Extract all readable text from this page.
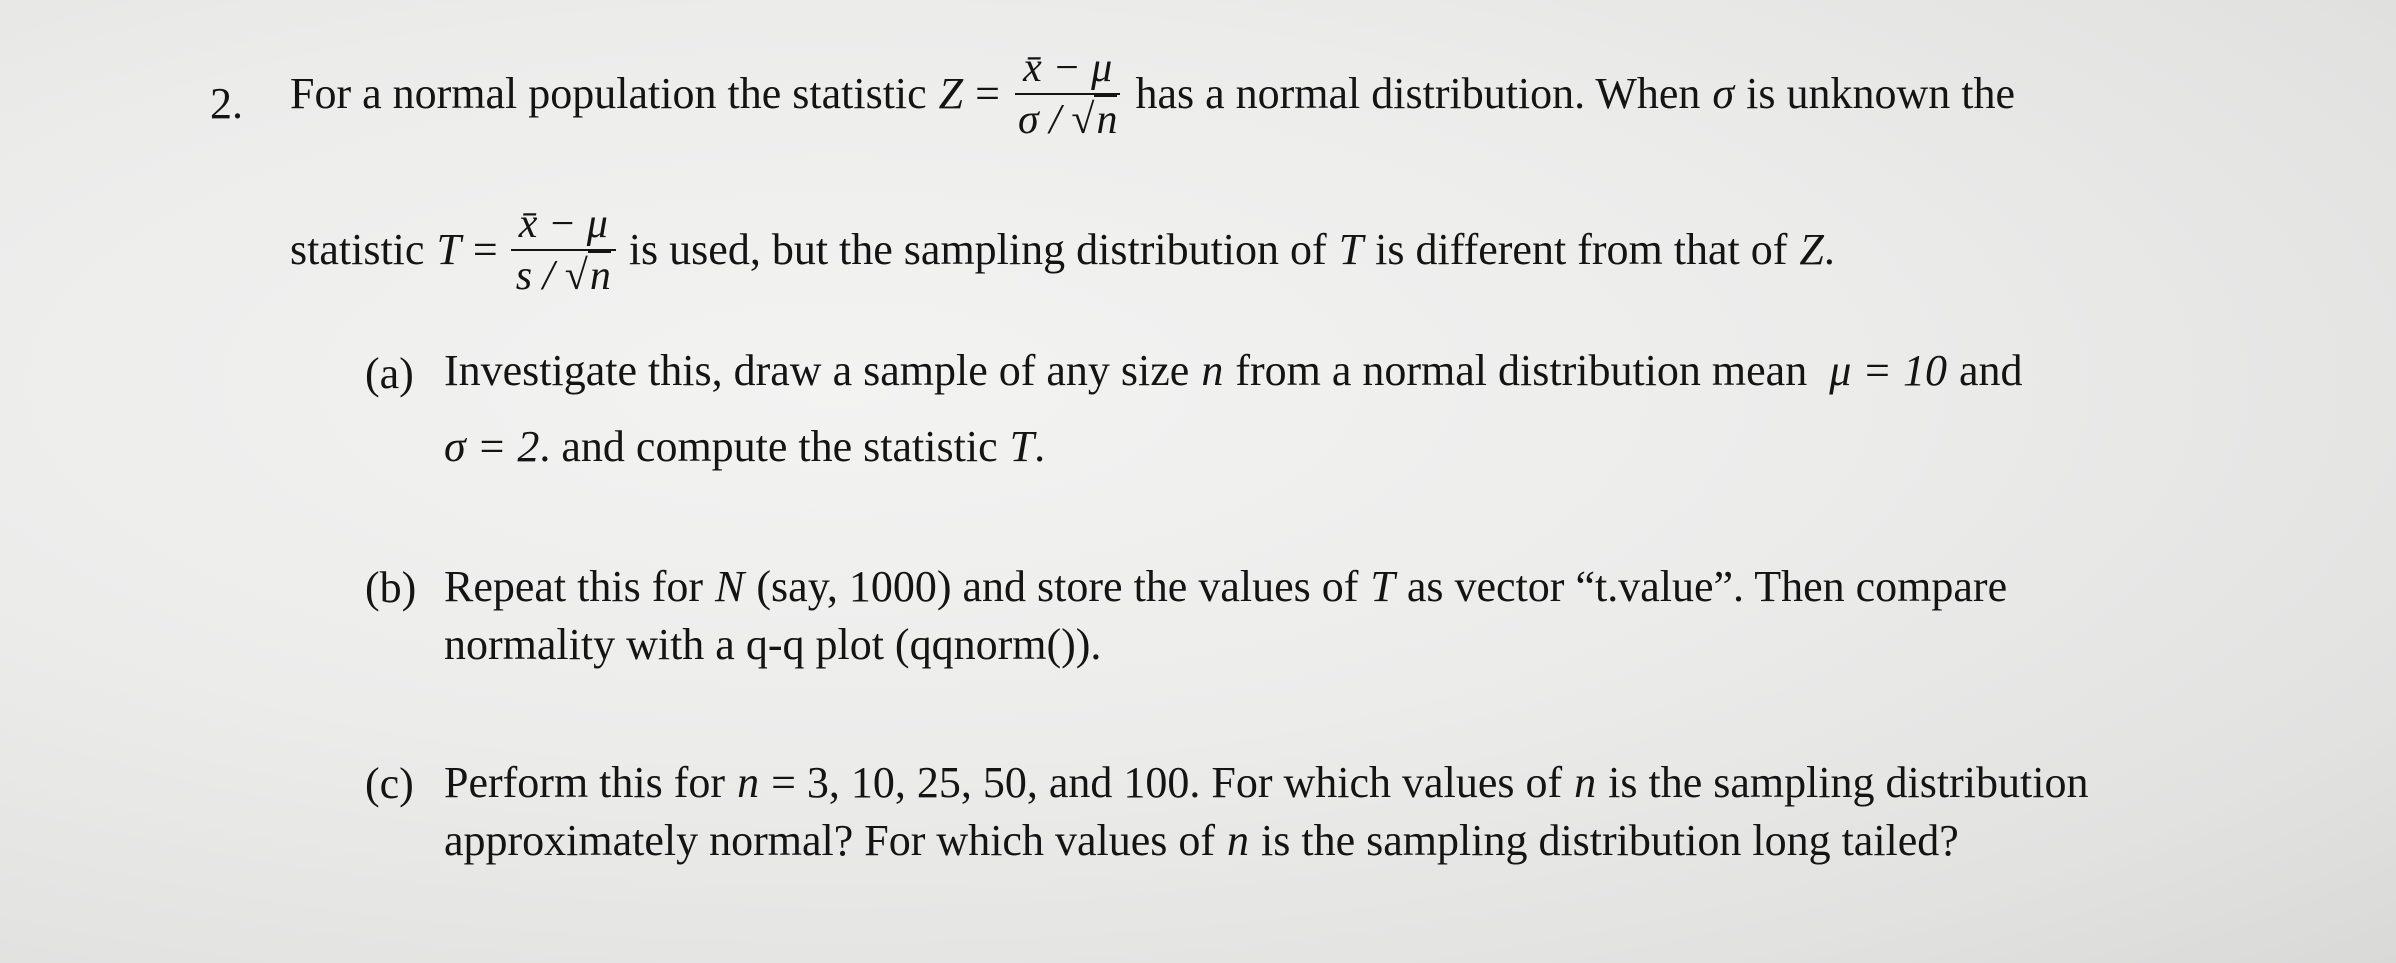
2. For a normal population the statistic $Z = \frac{x̄ - \mu}{\sigma / √n}$ has a normal distribution. When σ is unknown the
statistic $T = \frac{x̄ - \mu}{s / √n}$ is used, but the sampling distribution of T is different from that of Z .
(a) Investigate this, draw a sample of any size n from a normal distribution mean μ = 10 and
σ = 2 . and compute the statistic T .
(b) Repeat this for N (say, 1000) and store the values of T as vector “t.value”. Then compare
normality with a q-q plot (qqnorm()).
(c) Perform this for n = 3, 10, 25, 50, and 100. For which values of n is the sampling distribution
approximately normal? For which values of n is the sampling distribution long tailed?
